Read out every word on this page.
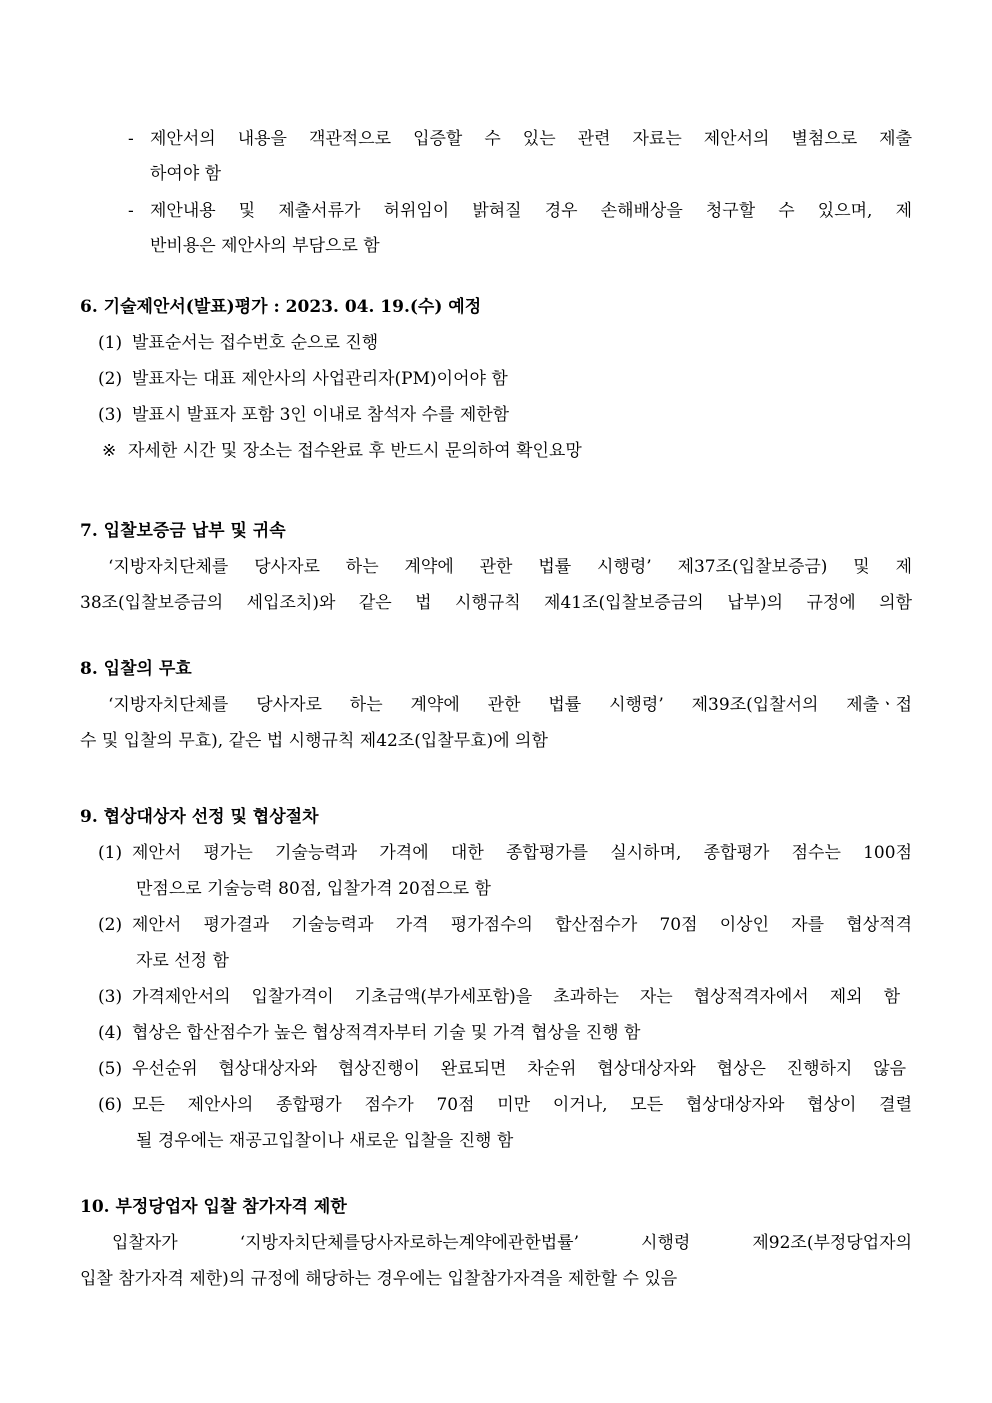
- 제안서의 내용을 객관적으로 입증할 수 있는 관련 자료는 제안서의 별첨으로 제출
하여야 함
- 제안내용 및 제출서류가 허위임이 밝혀질 경우 손해배상을 청구할 수 있으며, 제
반비용은 제안사의 부담으로 함
6. 기술제안서(발표)평가 : 2023. 04. 19.(수) 예정
(1) 발표순서는 접수번호 순으로 진행
(2) 발표자는 대표 제안사의 사업관리자(PM)이어야 함
(3) 발표시 발표자 포함 3인 이내로 참석자 수를 제한함
※ 자세한 시간 및 장소는 접수완료 후 반드시 문의하여 확인요망
7. 입찰보증금 납부 및 귀속
‘지방자치단체를 당사자로 하는 계약에 관한 법률 시행령’ 제37조(입찰보증금) 및 제
38조(입찰보증금의 세입조치)와 같은 법 시행규칙 제41조(입찰보증금의 납부)의 규정에 의함
8. 입찰의 무효
‘지방자치단체를 당사자로 하는 계약에 관한 법률 시행령’ 제39조(입찰서의 제출ㆍ접
수 및 입찰의 무효), 같은 법 시행규칙 제42조(입찰무효)에 의함
9. 협상대상자 선정 및 협상절차
(1) 제안서 평가는 기술능력과 가격에 대한 종합평가를 실시하며, 종합평가 점수는 100점
만점으로 기술능력 80점, 입찰가격 20점으로 함
(2) 제안서 평가결과 기술능력과 가격 평가점수의 합산점수가 70점 이상인 자를 협상적격
자로 선정 함
(3) 가격제안서의 입찰가격이 기초금액(부가세포함)을 초과하는 자는 협상적격자에서 제외 함
(4) 협상은 합산점수가 높은 협상적격자부터 기술 및 가격 협상을 진행 함
(5) 우선순위 협상대상자와 협상진행이 완료되면 차순위 협상대상자와 협상은 진행하지 않음
(6) 모든 제안사의 종합평가 점수가 70점 미만 이거나, 모든 협상대상자와 협상이 결렬
될 경우에는 재공고입찰이나 새로운 입찰을 진행 함
10. 부정당업자 입찰 참가자격 제한
입찰자가 ‘지방자치단체를당사자로하는계약에관한법률’ 시행령 제92조(부정당업자의
입찰 참가자격 제한)의 규정에 해당하는 경우에는 입찰참가자격을 제한할 수 있음
